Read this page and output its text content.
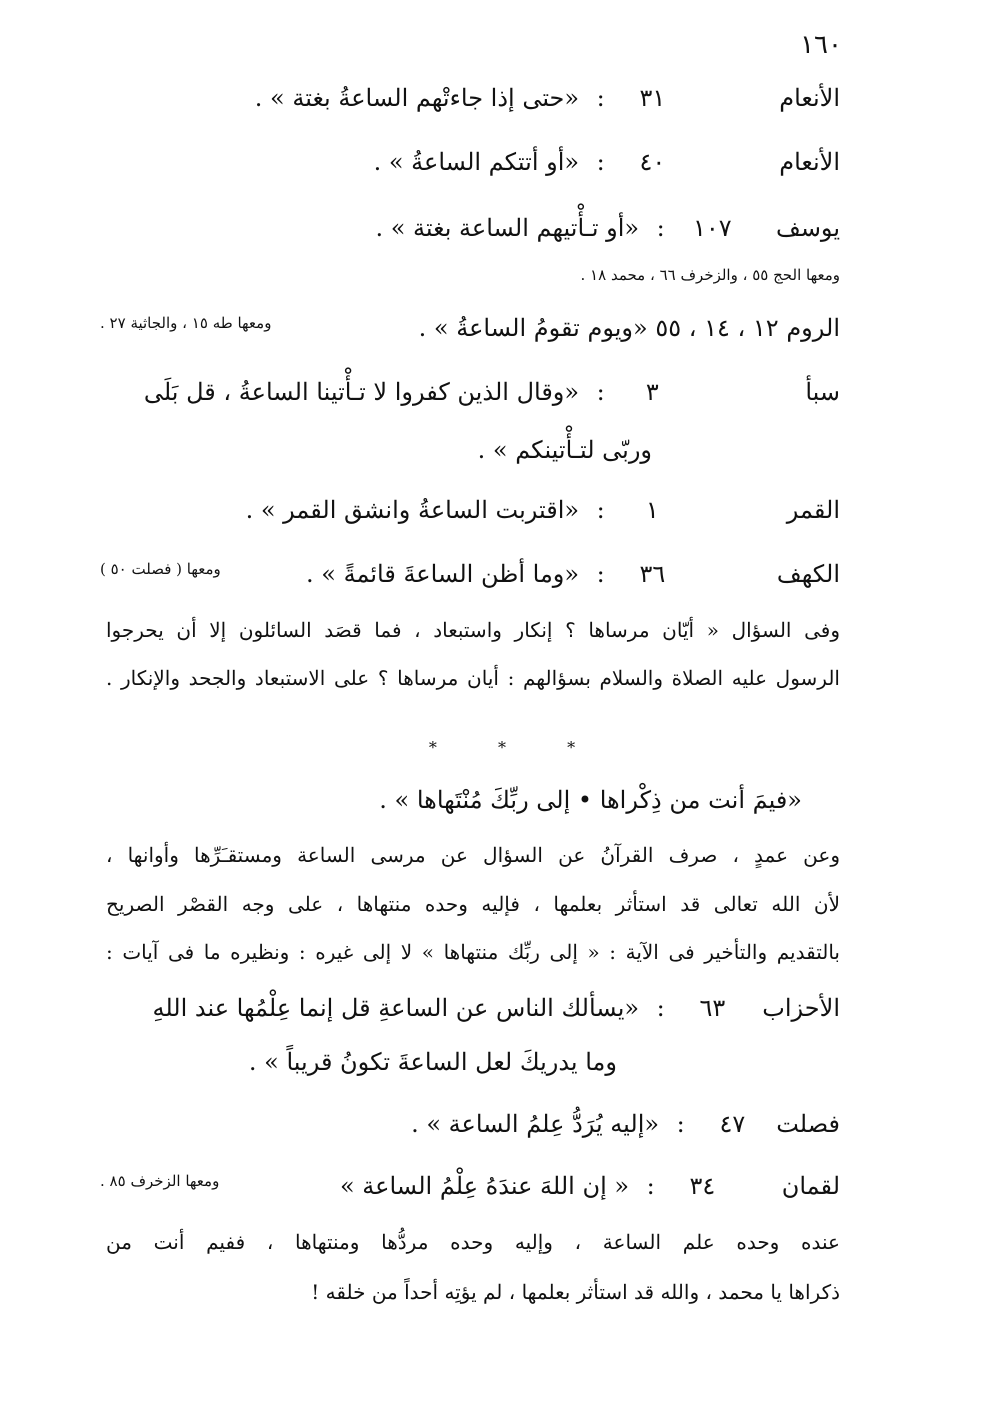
١٦٠
الأنعام ٣١ : «حتى إذا جاءتْهم الساعةُ بغتة » .
الأنعام ٤٠ : «أو أتتكم الساعةُ » .
يوسف ١٠٧ : «أو تـأْتيهم الساعة بغتة » .
ومعها الحج ٥٥ ، والزخرف ٦٦ ، محمد ١٨ .
الروم ١٢ ، ١٤ ، ٥٥ «ويوم تقومُ الساعةُ » .
ومعها طه ١٥ ، والجاثية ٢٧ .
سبأ ٣ : «وقال الذين كفروا لا تـأْتينا الساعةُ ، قل بَلَى
وربّى لتـأْتينكم » .
القمر ١ : «اقتربت الساعةُ وانشق القمر » .
الكهف ٣٦ : «وما أظن الساعةَ قائمةً » .
ومعها ( فصلت ٥٠ )
وفى السؤال « أيّان مرساها ؟ إنكار واستبعاد ، فما قصَد السائلون إلا أن يحرجوا
الرسول عليه الصلاة والسلام بسؤالهم : أيان مرساها ؟ على الاستبعاد والجحد والإنكار .
* * *
«فيمَ أنت من ذِكْراها • إلى ربِّكَ مُنْتَهاها » .
وعن عمدٍ ، صرف القرآنُ عن السؤال عن مرسى الساعة ومستقـَرِّها وأوانها ،
لأن الله تعالى قد استأثر بعلمها ، فإليه وحده منتهاها ، على وجه القصْر الصريح
بالتقديم والتأخير فى الآية : « إلى ربِّك منتهاها » لا إلى غيره : ونظيره ما فى آيات :
الأحزاب ٦٣ : «يسألك الناس عن الساعةِ قل إنما عِلْمُها عند اللهِ
وما يدريكَ لعل الساعةَ تكونُ قريباً » .
فصلت ٤٧ : «إليه يُرَدُّ عِلمُ الساعة » .
لقمان ٣٤ : « إن اللهَ عندَهُ عِلْمُ الساعة »
ومعها الزخرف ٨٥ .
عنده وحده علم الساعة ، وإليه وحده مردُّها ومنتهاها ، ففيم أنت من
ذكراها يا محمد ، والله قد استأثر بعلمها ، لم يؤتِه أحداً من خلقه !
